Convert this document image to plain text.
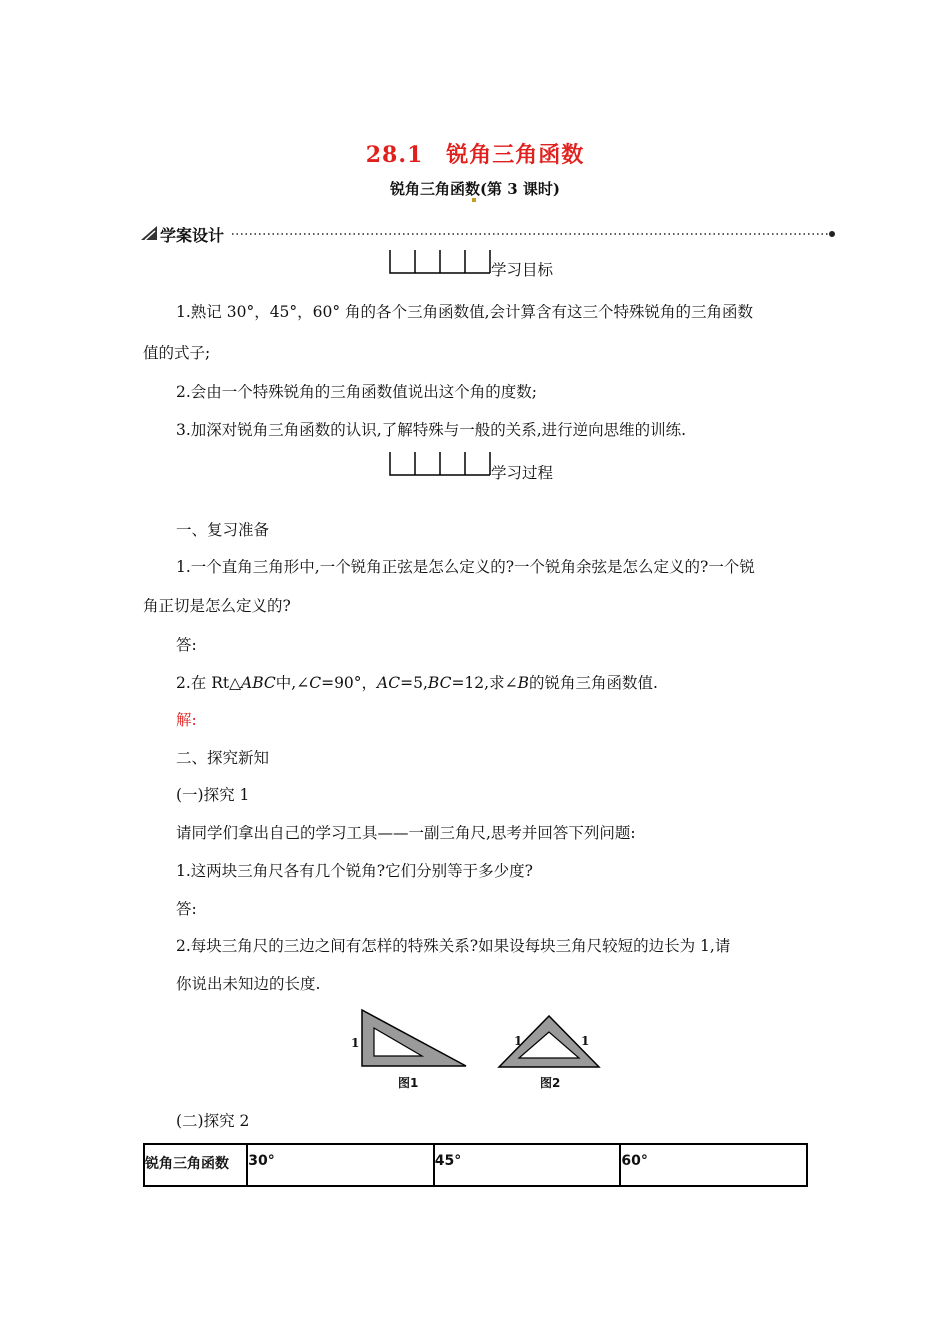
28.1　锐角三角函数
锐角三角函数(第 3 课时)
学案设计
学习目标
1.熟记 30°，45°，60° 角的各个三角函数值,会计算含有这三个特殊锐角的三角函数
值的式子;
2.会由一个特殊锐角的三角函数值说出这个角的度数;
3.加深对锐角三角函数的认识,了解特殊与一般的关系,进行逆向思维的训练.
学习过程
一、复习准备
1.一个直角三角形中,一个锐角正弦是怎么定义的?一个锐角余弦是怎么定义的?一个锐
角正切是怎么定义的?
答:
2.在 Rt△ABC中,∠C=90°，AC=5,BC=12,求∠B的锐角三角函数值.
解:
二、探究新知
(一)探究 1
请同学们拿出自己的学习工具——一副三角尺,思考并回答下列问题:
1.这两块三角尺各有几个锐角?它们分别等于多少度?
答:
2.每块三角尺的三边之间有怎样的特殊关系?如果设每块三角尺较短的边长为 1,请
你说出未知边的长度.
1
图1
1	1
图2
(二)探究 2
锐角三角函数	30°	45°	60°
